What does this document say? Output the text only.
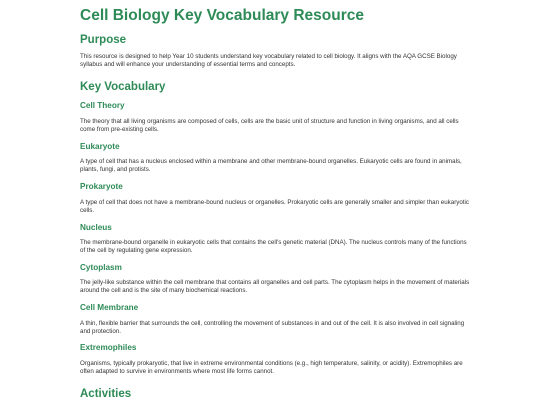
Cell Biology Key Vocabulary Resource
Purpose

This resource is designed to help Year 10 students understand key vocabulary related to cell biology. It aligns with the AQA GCSE Biology syllabus and will enhance your understanding of essential terms and concepts.

Key Vocabulary
Cell Theory

The theory that all living organisms are composed of cells, cells are the basic unit of structure and function in living organisms, and all cells come from pre-existing cells.

Eukaryote

A type of cell that has a nucleus enclosed within a membrane and other membrane-bound organelles. Eukaryotic cells are found in animals, plants, fungi, and protists.

Prokaryote

A type of cell that does not have a membrane-bound nucleus or organelles. Prokaryotic cells are generally smaller and simpler than eukaryotic cells.

Nucleus

The membrane-bound organelle in eukaryotic cells that contains the cell's genetic material (DNA). The nucleus controls many of the functions of the cell by regulating gene expression.

Cytoplasm

The jelly-like substance within the cell membrane that contains all organelles and cell parts. The cytoplasm helps in the movement of materials around the cell and is the site of many biochemical reactions.

Cell Membrane

A thin, flexible barrier that surrounds the cell, controlling the movement of substances in and out of the cell. It is also involved in cell signaling and protection.

Extremophiles

Organisms, typically prokaryotic, that live in extreme environmental conditions (e.g., high temperature, salinity, or acidity). Extremophiles are often adapted to survive in environments where most life forms cannot.

Activities
